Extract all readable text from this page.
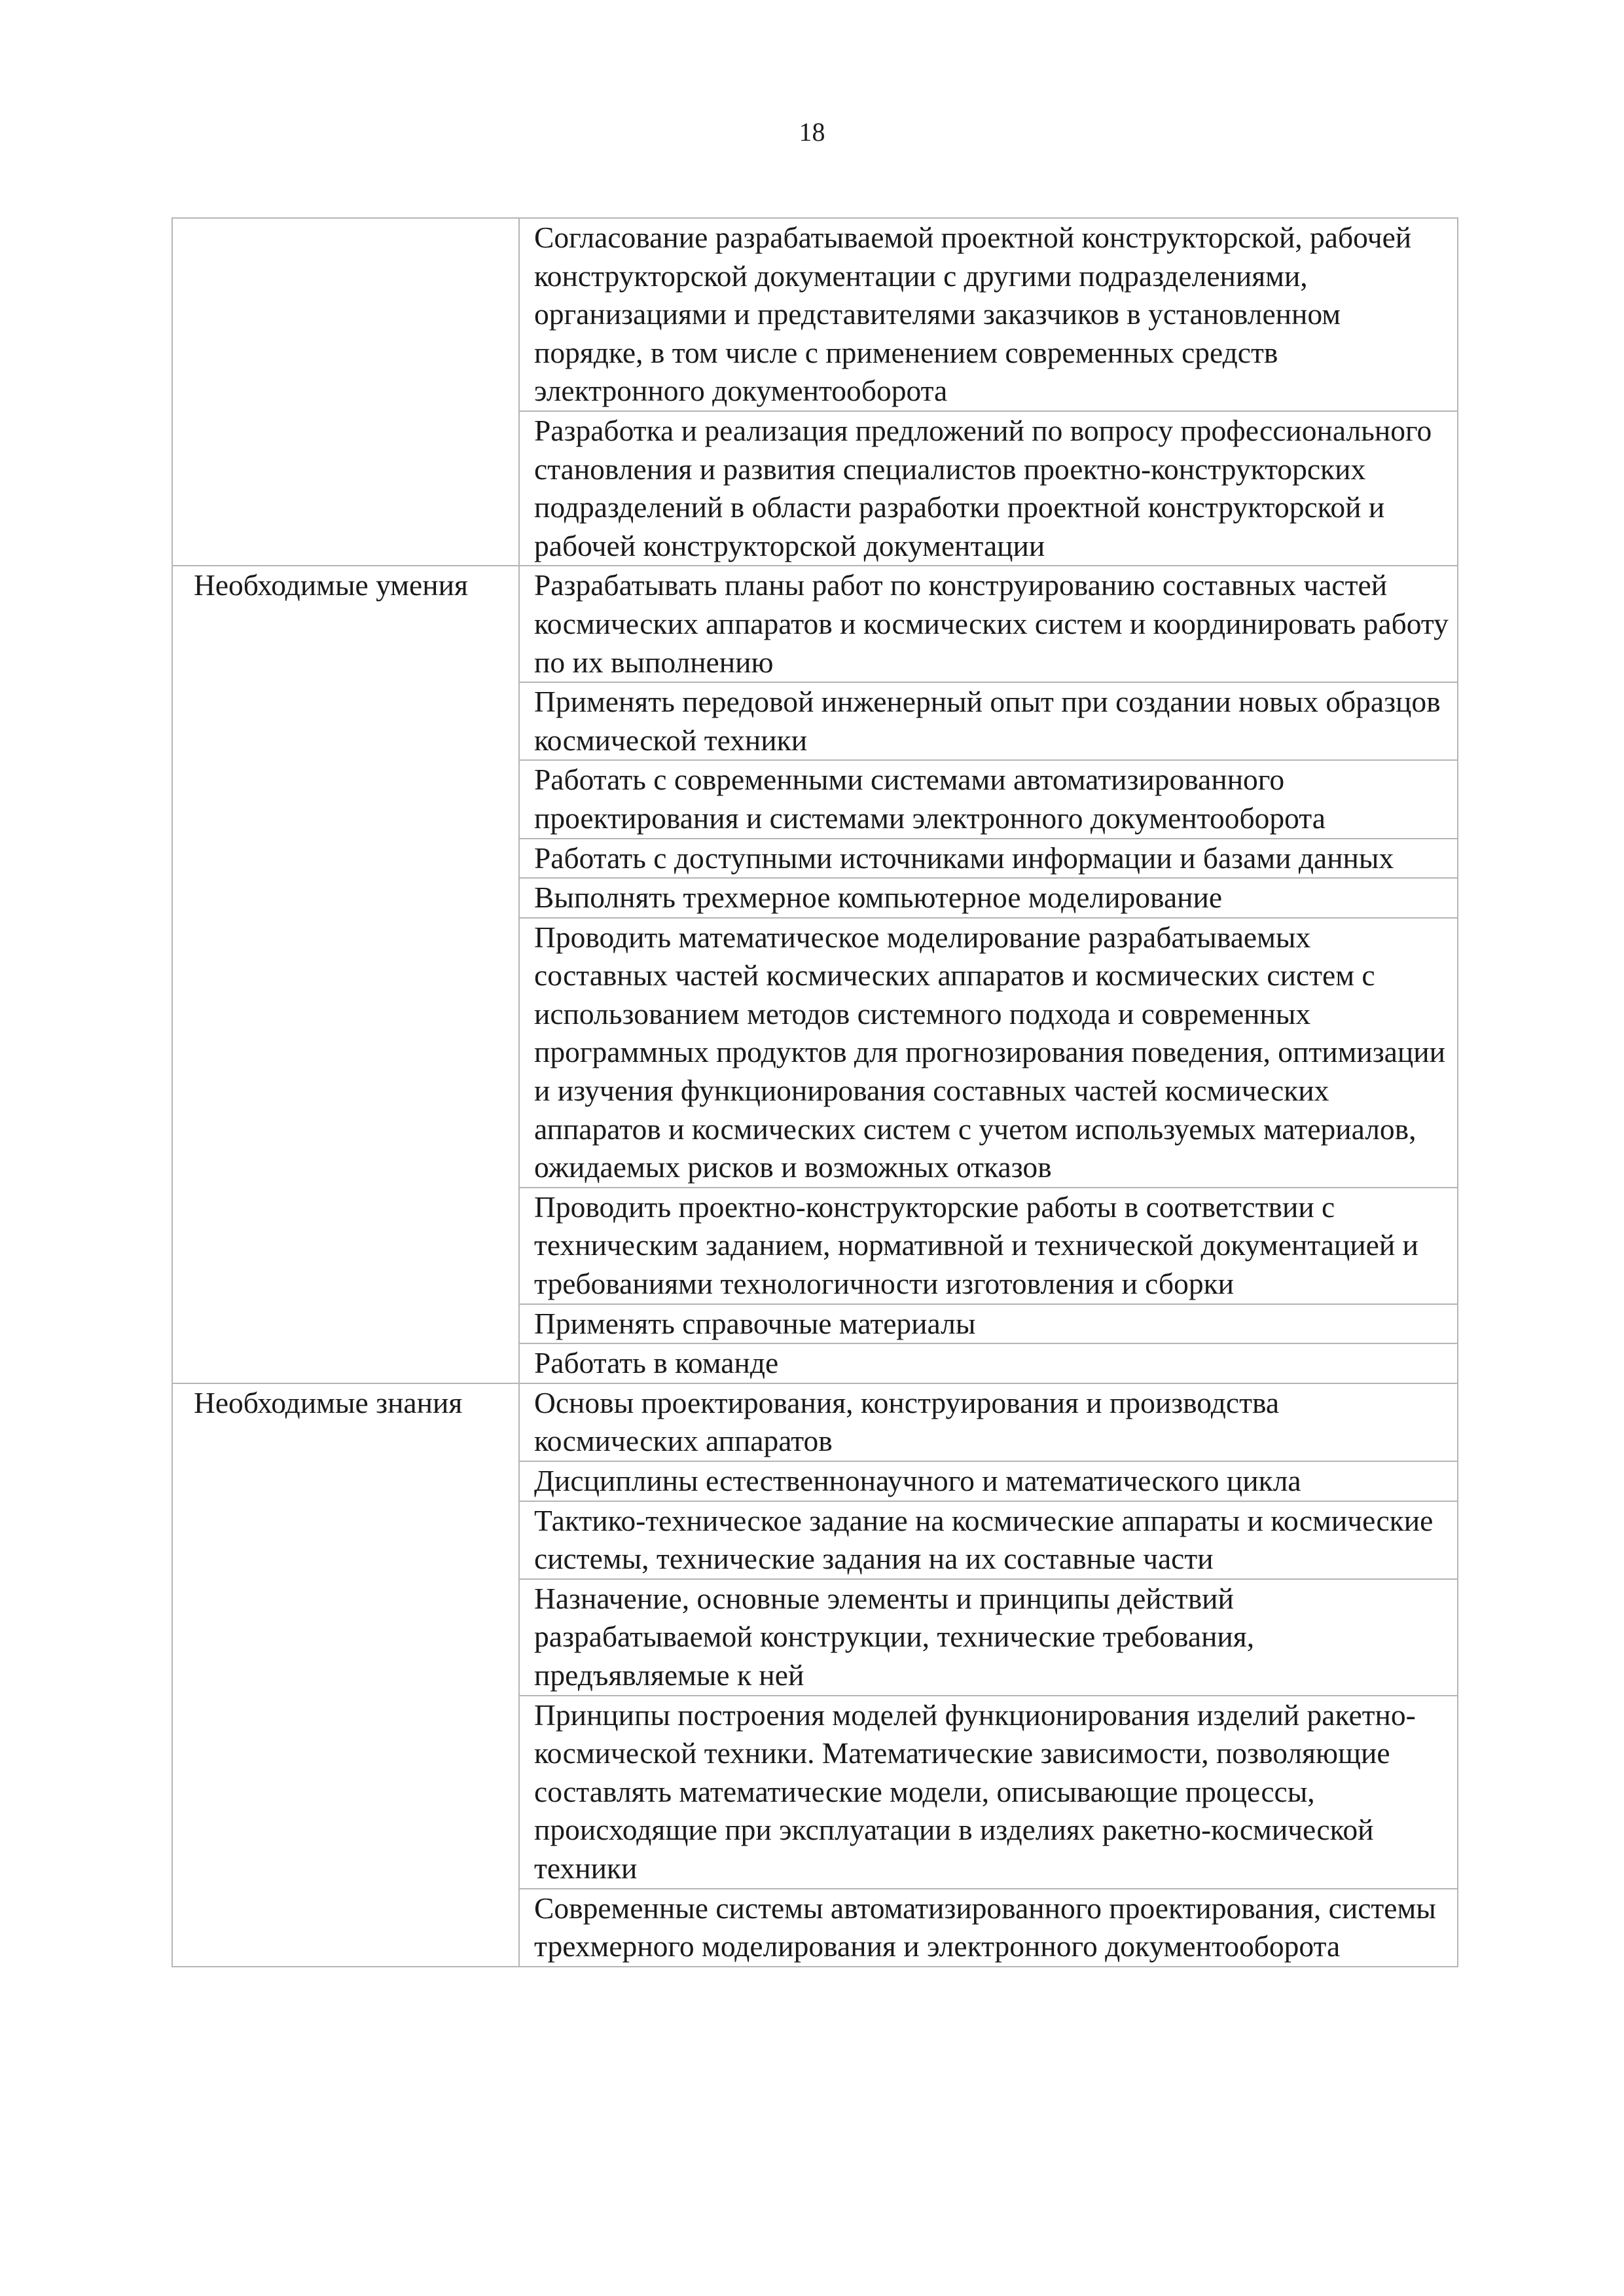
18
	Согласование разрабатываемой проектной конструкторской, рабочей конструкторской документации с другими подразделениями, организациями и представителями заказчиков в установленном порядке, в том числе с применением современных средств электронного документооборота
	Разработка и реализация предложений по вопросу профессионального становления и развития специалистов проектно-конструкторских подразделений в области разработки проектной конструкторской и рабочей конструкторской документации
Необходимые умения	Разрабатывать планы работ по конструированию составных частей космических аппаратов и космических систем и координировать работу по их выполнению
	Применять передовой инженерный опыт при создании новых образцов космической техники
	Работать с современными системами автоматизированного проектирования и системами электронного документооборота
	Работать с доступными источниками информации и базами данных
	Выполнять трехмерное компьютерное моделирование
	Проводить математическое моделирование разрабатываемых составных частей космических аппаратов и космических систем с использованием методов системного подхода и современных программных продуктов для прогнозирования поведения, оптимизации и изучения функционирования составных частей космических аппаратов и космических систем с учетом используемых материалов, ожидаемых рисков и возможных отказов
	Проводить проектно-конструкторские работы в соответствии с техническим заданием, нормативной и технической документацией и требованиями технологичности изготовления и сборки
	Применять справочные материалы
	Работать в команде
Необходимые знания	Основы проектирования, конструирования и производства космических аппаратов
	Дисциплины естественнонаучного и математического цикла
	Тактико-техническое задание на космические аппараты и космические системы, технические задания на их составные части
	Назначение, основные элементы и принципы действий разрабатываемой конструкции, технические требования, предъявляемые к ней
	Принципы построения моделей функционирования изделий ракетно-космической техники. Математические зависимости, позволяющие составлять математические модели, описывающие процессы, происходящие при эксплуатации в изделиях ракетно-космической техники
	Современные системы автоматизированного проектирования, системы трехмерного моделирования и электронного документооборота
